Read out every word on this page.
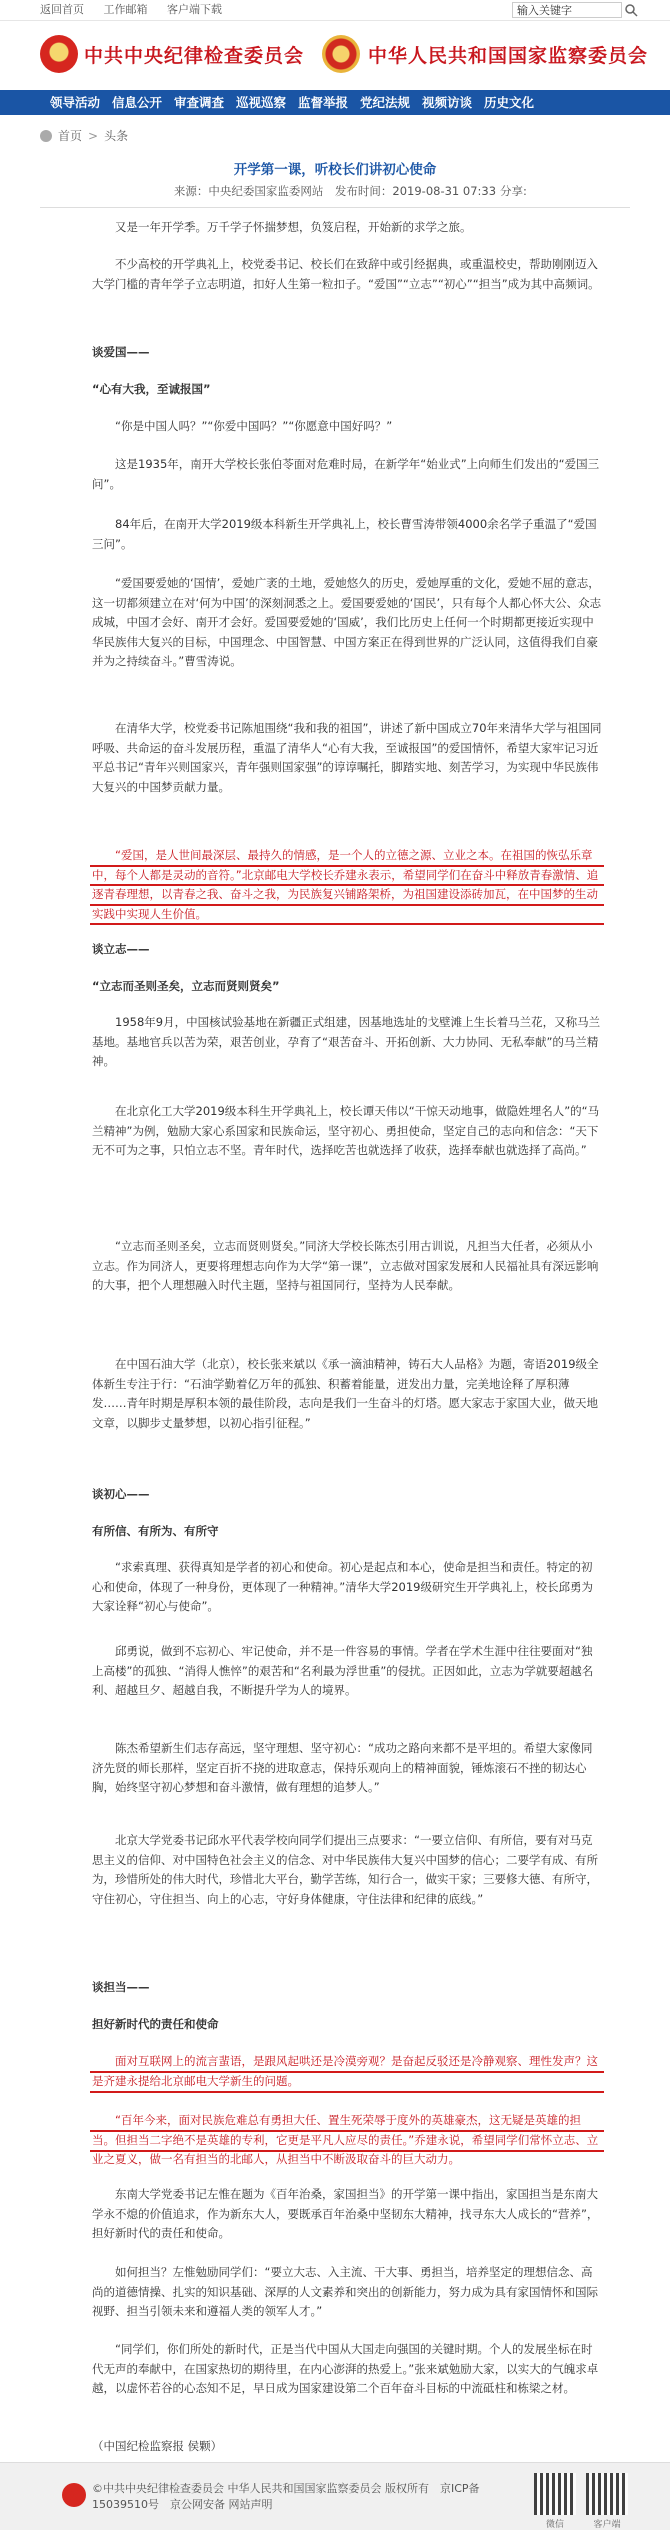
返回首页 工作邮箱 客户端下载	输入关键字
中共中央纪律检查委员会	中华人民共和国国家监察委员会
领导活动 信息公开 审查调查 巡视巡察 监督举报 党纪法规 视频访谈 历史文化
首页 > 头条
开学第一课，听校长们讲初心使命
来源：中央纪委国家监委网站　发布时间：2019-08-31 07:33 分享:

又是一年开学季。万千学子怀揣梦想，负笈启程，开始新的求学之旅。

不少高校的开学典礼上，校党委书记、校长们在致辞中或引经据典，或重温校史，帮助刚刚迈入大学门槛的青年学子立志明道，扣好人生第一粒扣子。“爱国”“立志”“初心”“担当”成为其中高频词。

谈爱国——

“心有大我，至诚报国”

“你是中国人吗？”“你爱中国吗？”“你愿意中国好吗？”

这是1935年，南开大学校长张伯苓面对危难时局，在新学年“始业式”上向师生们发出的“爱国三问”。

84年后，在南开大学2019级本科新生开学典礼上，校长曹雪涛带领4000余名学子重温了“爱国三问”。

“爱国要爱她的‘国情’，爱她广袤的土地，爱她悠久的历史，爱她厚重的文化，爱她不屈的意志，这一切都须建立在对‘何为中国’的深刻洞悉之上。爱国要爱她的‘国民’，只有每个人都心怀大公、众志成城，中国才会好、南开才会好。爱国要爱她的‘国威’，我们比历史上任何一个时期都更接近实现中华民族伟大复兴的目标，中国理念、中国智慧、中国方案正在得到世界的广泛认同，这值得我们自豪并为之持续奋斗。”曹雪涛说。

在清华大学，校党委书记陈旭围绕“我和我的祖国”，讲述了新中国成立70年来清华大学与祖国同呼吸、共命运的奋斗发展历程，重温了清华人“心有大我，至诚报国”的爱国情怀，希望大家牢记习近平总书记“青年兴则国家兴，青年强则国家强”的谆谆嘱托，脚踏实地、刻苦学习，为实现中华民族伟大复兴的中国梦贡献力量。

“爱国，是人世间最深层、最持久的情感，是一个人的立德之源、立业之本。在祖国的恢弘乐章中，每个人都是灵动的音符。”北京邮电大学校长乔建永表示，希望同学们在奋斗中释放青春激情、追逐青春理想，以青春之我、奋斗之我，为民族复兴铺路架桥，为祖国建设添砖加瓦，在中国梦的生动实践中实现人生价值。

谈立志——

“立志而圣则圣矣，立志而贤则贤矣”

1958年9月，中国核试验基地在新疆正式组建，因基地选址的戈壁滩上生长着马兰花，又称马兰基地。基地官兵以苦为荣，艰苦创业，孕育了“艰苦奋斗、开拓创新、大力协同、无私奉献”的马兰精神。

在北京化工大学2019级本科生开学典礼上，校长谭天伟以“干惊天动地事，做隐姓埋名人”的“马兰精神”为例，勉励大家心系国家和民族命运，坚守初心、勇担使命，坚定自己的志向和信念：“天下无不可为之事，只怕立志不坚。青年时代，选择吃苦也就选择了收获，选择奉献也就选择了高尚。”

“立志而圣则圣矣，立志而贤则贤矣。”同济大学校长陈杰引用古训说，凡担当大任者，必须从小立志。作为同济人，更要将理想志向作为大学“第一课”，立志做对国家发展和人民福祉具有深远影响的大事，把个人理想融入时代主题，坚持与祖国同行，坚持为人民奉献。

在中国石油大学（北京），校长张来斌以《承一滴油精神，铸石大人品格》为题，寄语2019级全体新生专注于行：“石油学勤着亿万年的孤独、积蓄着能量，迸发出力量，完美地诠释了厚积薄发……青年时期是厚积本领的最佳阶段，志向是我们一生奋斗的灯塔。愿大家志于家国大业，做天地文章，以脚步丈量梦想，以初心指引征程。”

谈初心——

有所信、有所为、有所守

“求索真理、获得真知是学者的初心和使命。初心是起点和本心，使命是担当和责任。特定的初心和使命，体现了一种身份，更体现了一种精神。”清华大学2019级研究生开学典礼上，校长邱勇为大家诠释“初心与使命”。

邱勇说，做到不忘初心、牢记使命，并不是一件容易的事情。学者在学术生涯中往往要面对“独上高楼”的孤独、“消得人憔悴”的艰苦和“名利最为浮世重”的侵扰。正因如此，立志为学就要超越名利、超越旦夕、超越自我，不断提升学为人的境界。

陈杰希望新生们志存高远，坚守理想、坚守初心：“成功之路向来都不是平坦的。希望大家像同济先贤的师长那样，坚定百折不挠的进取意志，保持乐观向上的精神面貌，锤炼滚石不挫的韧达心胸，始终坚守初心梦想和奋斗激情，做有理想的追梦人。”

北京大学党委书记邱水平代表学校向同学们提出三点要求：“一要立信仰、有所信，要有对马克思主义的信仰、对中国特色社会主义的信念、对中华民族伟大复兴中国梦的信心；二要学有成、有所为，珍惜所处的伟大时代，珍惜北大平台，勤学苦练，知行合一，做实干家；三要修大德、有所守，守住初心，守住担当、向上的心志，守好身体健康，守住法律和纪律的底线。”

谈担当——

担好新时代的责任和使命

面对互联网上的流言蜚语，是跟风起哄还是冷漠旁观？是奋起反驳还是冷静观察、理性发声？这是齐建永提给北京邮电大学新生的问题。

“百年今来，面对民族危难总有勇担大任、置生死荣辱于度外的英雄豪杰，这无疑是英雄的担当。但担当二字绝不是英雄的专利，它更是平凡人应尽的责任。”乔建永说，希望同学们常怀立志、立业之夏义，做一名有担当的北邮人，从担当中不断汲取奋斗的巨大动力。

东南大学党委书记左惟在题为《百年治桑，家国担当》的开学第一课中指出，家国担当是东南大学永不熄的价值追求，作为新东大人，要既承百年治桑中坚韧东大精神，找寻东大人成长的“营养”，担好新时代的责任和使命。

如何担当？左惟勉励同学们：“要立大志、入主流、干大事、勇担当，培养坚定的理想信念、高尚的道德情操、扎实的知识基础、深厚的人文素养和突出的创新能力，努力成为具有家国情怀和国际视野、担当引领未来和遵福人类的领军人才。”

“同学们，你们所处的新时代，正是当代中国从大国走向强国的关键时期。个人的发展坐标在时代无声的奉献中，在国家热切的期待里，在内心澎湃的热爱上。”张来斌勉励大家，以实大的气魄求卓越，以虚怀若谷的心态知不足，早日成为国家建设第二个百年奋斗目标的中流砥柱和栋梁之材。

（中国纪检监察报 侯颗）

©中共中央纪律检查委员会 中华人民共和国国家监察委员会 版权所有　京ICP备 15039510号　京公网安备 网站声明
微信	客户端
